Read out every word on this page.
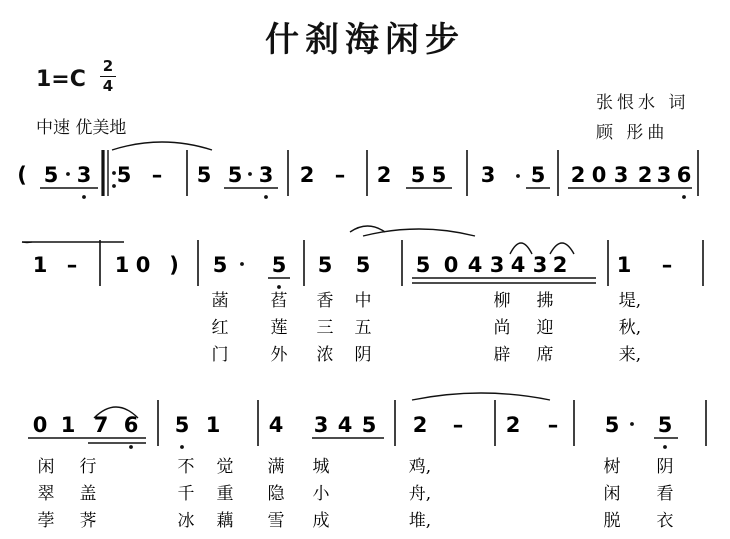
什刹海闲步
1=C
2
4
中速 优美地
张恨水 词
顾 彤曲
( 5 3 5 – 5 5 3 2 – 2 5 5 3 5 2 0 3 2 3 6
1 – 1 0 ) 5 5 5 5 5 0 4 3 4 3 2 1 –
0 1 7 6 5 1 4 3 4 5 2 – 2 – 5 5
菡 萏 香 中	柳 拂	堤,
红 莲 三 五	尚 迎	秋,
门 外 浓 阴	辟 席	来,
闲 行	不 觉 满 城	鸡,	树 阴
翠 盖	千 重 隐 小	舟,	闲 看
荸 荠	冰 藕 雪 成	堆,	脱 衣
